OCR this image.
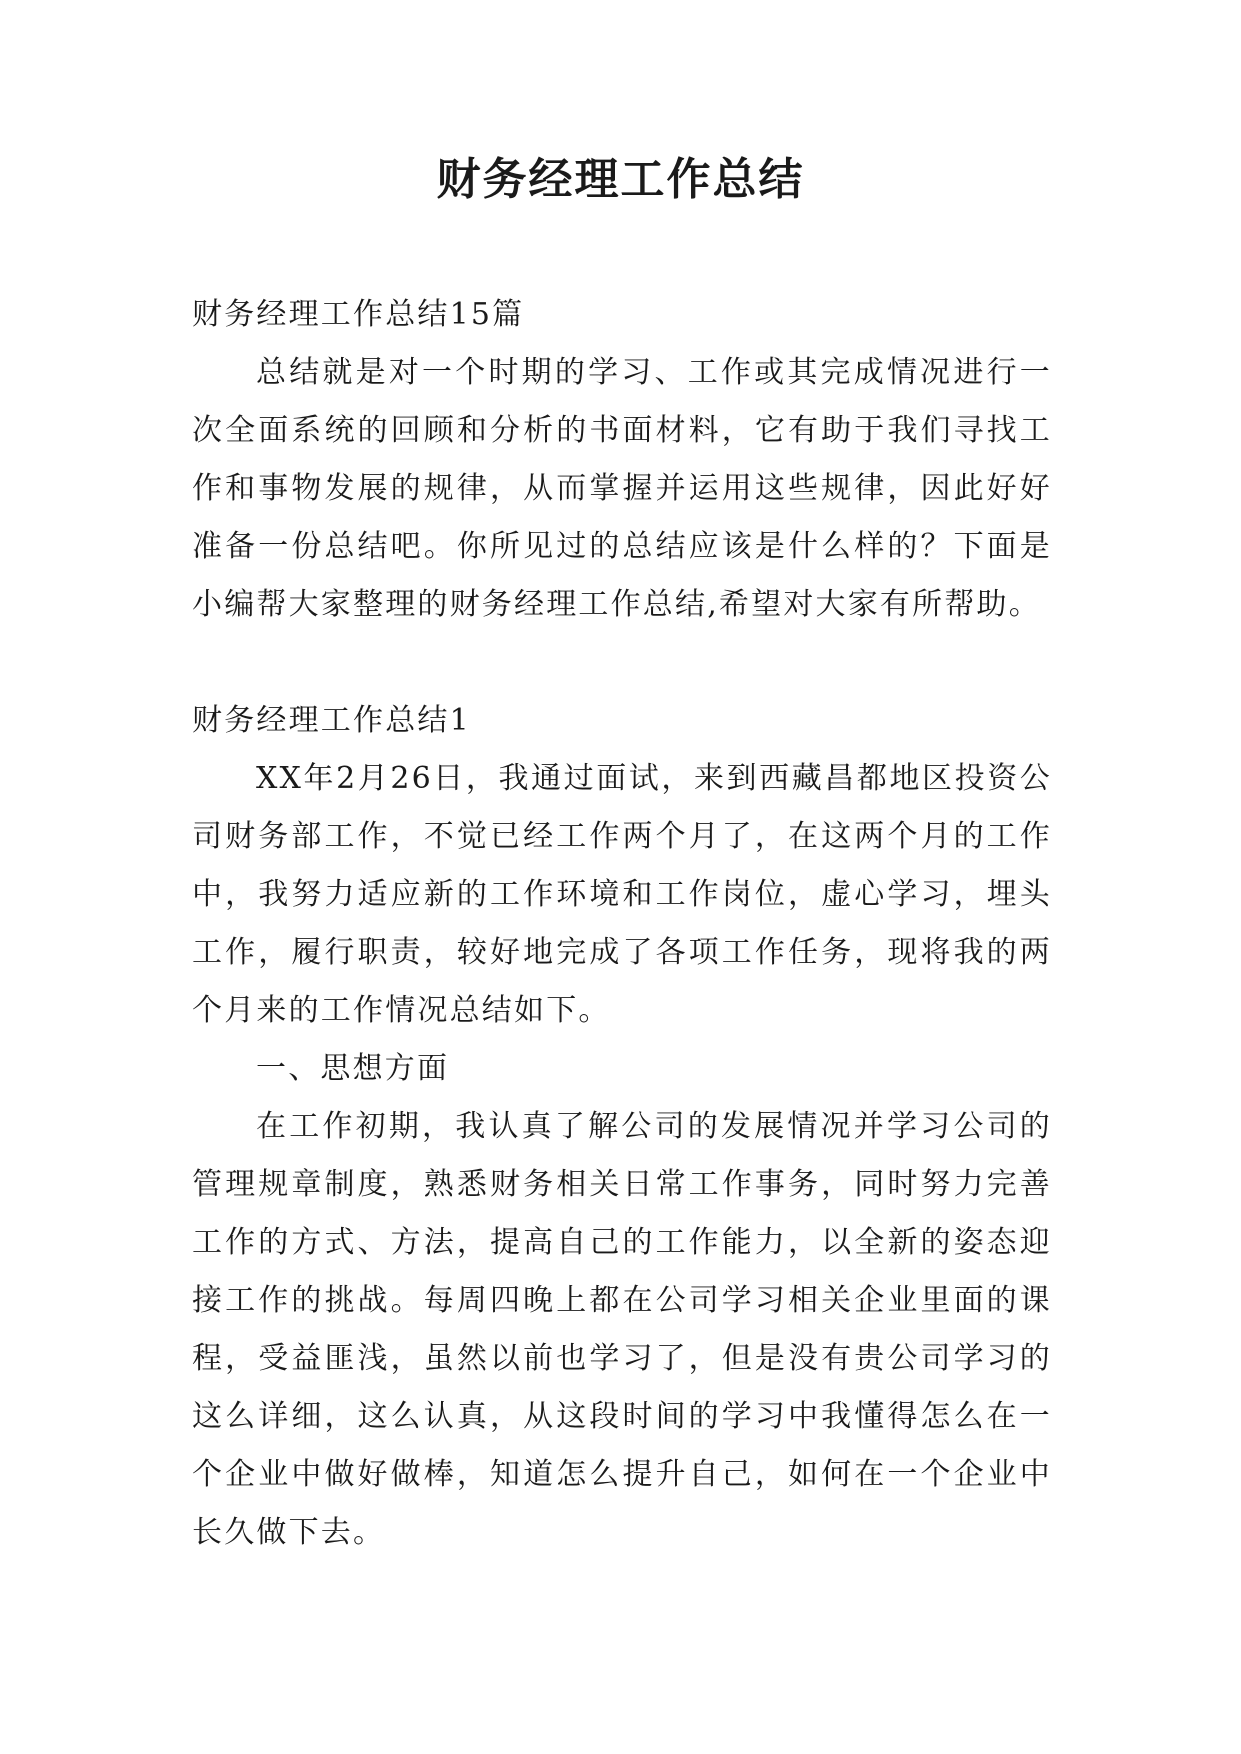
财务经理工作总结

财务经理工作总结15篇

总结就是对一个时期的学习、工作或其完成情况进行一次全面系统的回顾和分析的书面材料，它有助于我们寻找工作和事物发展的规律，从而掌握并运用这些规律，因此好好准备一份总结吧。你所见过的总结应该是什么样的？下面是小编帮大家整理的财务经理工作总结,希望对大家有所帮助。

财务经理工作总结1

XX年2月26日，我通过面试，来到西藏昌都地区投资公司财务部工作，不觉已经工作两个月了，在这两个月的工作中，我努力适应新的工作环境和工作岗位，虚心学习，埋头工作，履行职责，较好地完成了各项工作任务，现将我的两个月来的工作情况总结如下。

一、思想方面

在工作初期，我认真了解公司的发展情况并学习公司的管理规章制度，熟悉财务相关日常工作事务，同时努力完善工作的方式、方法，提高自己的工作能力，以全新的姿态迎接工作的挑战。每周四晚上都在公司学习相关企业里面的课程，受益匪浅，虽然以前也学习了，但是没有贵公司学习的这么详细，这么认真，从这段时间的学习中我懂得怎么在一个企业中做好做棒，知道怎么提升自己，如何在一个企业中长久做下去。
